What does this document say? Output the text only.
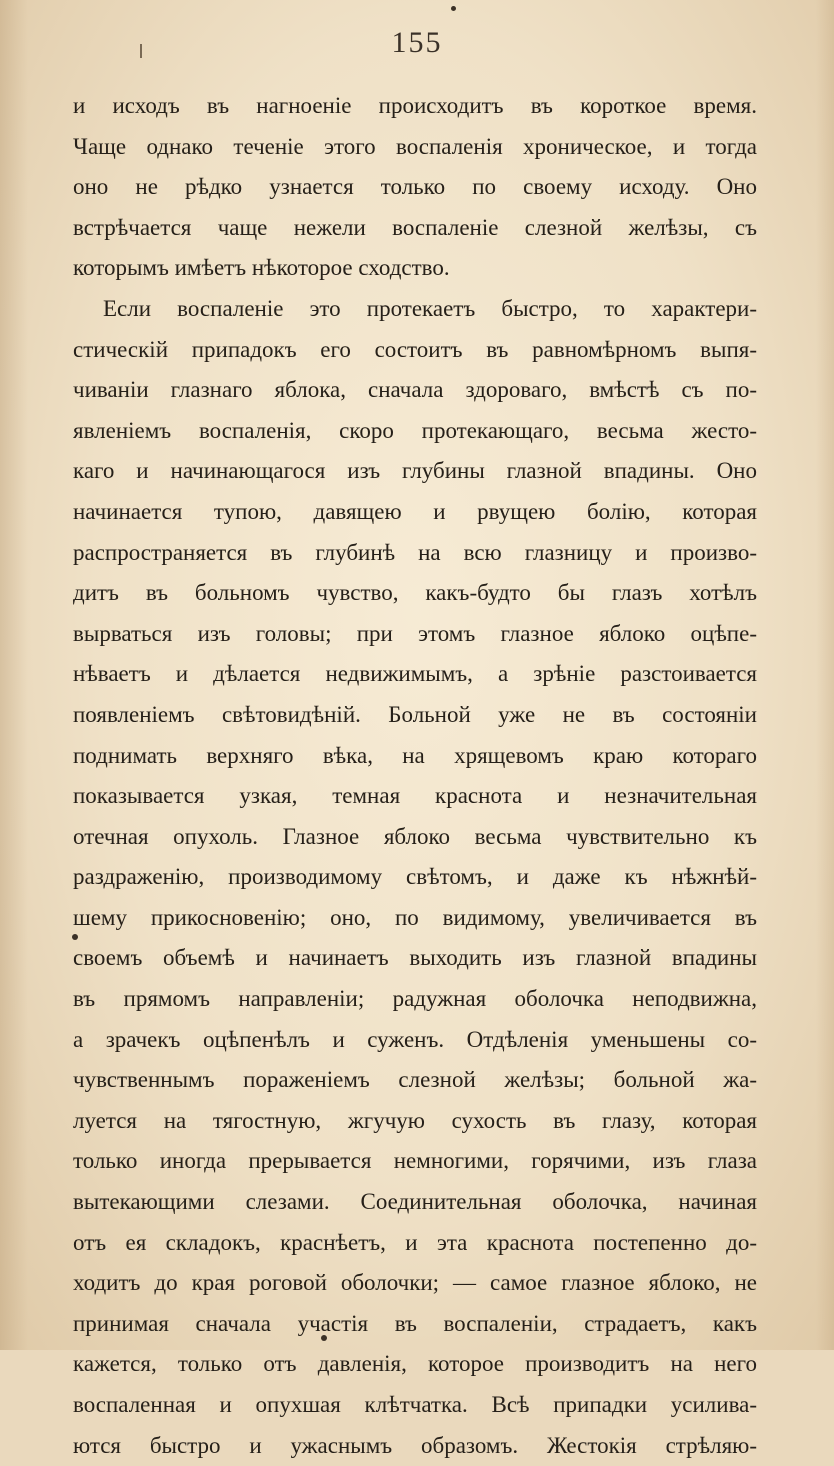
155
и исходъ въ нагноеніе происходитъ въ короткое время.
Чаще однако теченіе этого воспаленія хроническое, и тогда
оно не рѣдко узнается только по своему исходу. Оно
встрѣчается чаще нежели воспаленіе слезной желѣзы, съ
которымъ имѣетъ нѣкоторое сходство.
Если воспаленіе это протекаетъ быстро, то характери-
стическій припадокъ его состоитъ въ равномѣрномъ выпя-
чиваніи глазнаго яблока, сначала здороваго, вмѣстѣ съ по-
явленіемъ воспаленія, скоро протекающаго, весьма жесто-
каго и начинающагося изъ глубины глазной впадины. Оно
начинается тупою, давящею и рвущею болію, которая
распространяется въ глубинѣ на всю глазницу и произво-
дитъ въ больномъ чувство, какъ-будто бы глазъ хотѣлъ
вырваться изъ головы; при этомъ глазное яблоко оцѣпе-
нѣваетъ и дѣлается недвижимымъ, а зрѣніе разстоивается
появленіемъ свѣтовидѣній. Больной уже не въ состояніи
поднимать верхняго вѣка, на хрящевомъ краю котораго
показывается узкая, темная краснота и незначительная
отечная опухоль. Глазное яблоко весьма чувствительно къ
раздраженію, производимому свѣтомъ, и даже къ нѣжнѣй-
шему прикосновенію; оно, по видимому, увеличивается въ
своемъ объемѣ и начинаетъ выходить изъ глазной впадины
въ прямомъ направленіи; радужная оболочка неподвижна,
а зрачекъ оцѣпенѣлъ и суженъ. Отдѣленія уменьшены со-
чувственнымъ пораженіемъ слезной желѣзы; больной жа-
луется на тягостную, жгучую сухость въ глазу, которая
только иногда прерывается немногими, горячими, изъ глаза
вытекающими слезами. Соединительная оболочка, начиная
отъ ея складокъ, краснѣетъ, и эта краснота постепенно до-
ходитъ до края роговой оболочки; — самое глазное яблоко, не
принимая сначала участія въ воспаленіи, страдаетъ, какъ
кажется, только отъ давленія, которое производитъ на него
воспаленная и опухшая клѣтчатка. Всѣ припадки усилива-
ются быстро и ужаснымъ образомъ. Жестокія стрѣляю-
